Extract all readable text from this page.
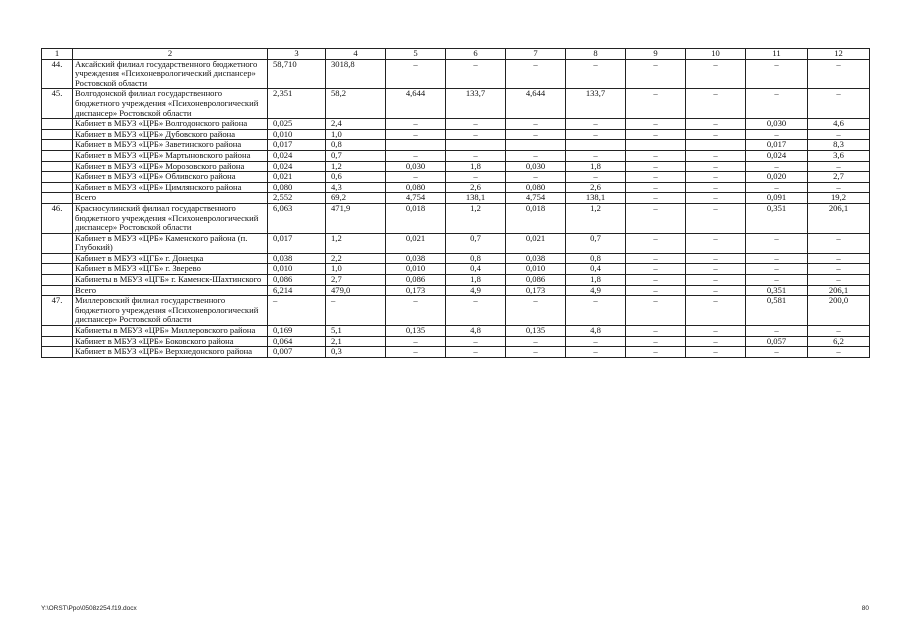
1	2	3	4	5	6	7	8	9	10	11	12
44.	Аксайский филиал государственного бюджетного учреждения «Психоневрологический диспансер» Ростовской области	58,710	3018,8	–	–	–	–	–	–	–	–
45.	Волгодонской филиал государственного бюджетного учреждения «Психоневрологический диспансер» Ростовской области	2,351	58,2	4,644	133,7	4,644	133,7	–	–	–	–
	Кабинет в МБУЗ «ЦРБ» Волгодонского района	0,025	2,4	–	–	–	–	–	–	0,030	4,6
	Кабинет в МБУЗ «ЦРБ» Дубовского района	0,010	1,0	–	–	–	–	–	–	–	–
	Кабинет в МБУЗ «ЦРБ» Заветинского района	0,017	0,8							0,017	8,3
	Кабинет в МБУЗ «ЦРБ» Мартыновского района	0,024	0,7	–	–	–	–	–	–	0,024	3,6
	Кабинет в МБУЗ «ЦРБ» Морозовского района	0,024	1,2	0,030	1,8	0,030	1,8	–	–	–	–
	Кабинет в МБУЗ «ЦРБ» Обливского района	0,021	0,6	–	–	–	–	–	–	0,020	2,7
	Кабинет в МБУЗ «ЦРБ» Цимлянского района	0,080	4,3	0,080	2,6	0,080	2,6	–	–	–	–
	Всего	2,552	69,2	4,754	138,1	4,754	138,1	–	–	0,091	19,2
46.	Красносулинский филиал государственного бюджетного учреждения «Психоневрологический диспансер» Ростовской области	6,063	471,9	0,018	1,2	0,018	1,2	–	–	0,351	206,1
	Кабинет в МБУЗ «ЦРБ» Каменского района (п. Глубокий)	0,017	1,2	0,021	0,7	0,021	0,7	–	–	–	–
	Кабинет в МБУЗ «ЦГБ» г. Донецка	0,038	2,2	0,038	0,8	0,038	0,8	–	–	–	–
	Кабинет в МБУЗ «ЦГБ» г. Зверево	0,010	1,0	0,010	0,4	0,010	0,4	–	–	–	–
	Кабинеты в МБУЗ «ЦГБ» г. Каменск-Шахтинского	0,086	2,7	0,086	1,8	0,086	1,8	–	–	–	–
	Всего	6,214	479,0	0,173	4,9	0,173	4,9	–	–	0,351	206,1
47.	Миллеровский филиал государственного бюджетного учреждения «Психоневрологический диспансер» Ростовской области	–	–	–	–	–	–	–	–	0,581	200,0
	Кабинеты в МБУЗ «ЦРБ» Миллеровского района	0,169	5,1	0,135	4,8	0,135	4,8	–	–	–	–
	Кабинет в МБУЗ «ЦРБ» Боковского района	0,064	2,1	–	–	–	–	–	–	0,057	6,2
	Кабинет в МБУЗ «ЦРБ» Верхнедонского района	0,007	0,3	–	–	–	–	–	–	–	–
Y:\ORST\Ppo\0508z254.f19.docx	80
